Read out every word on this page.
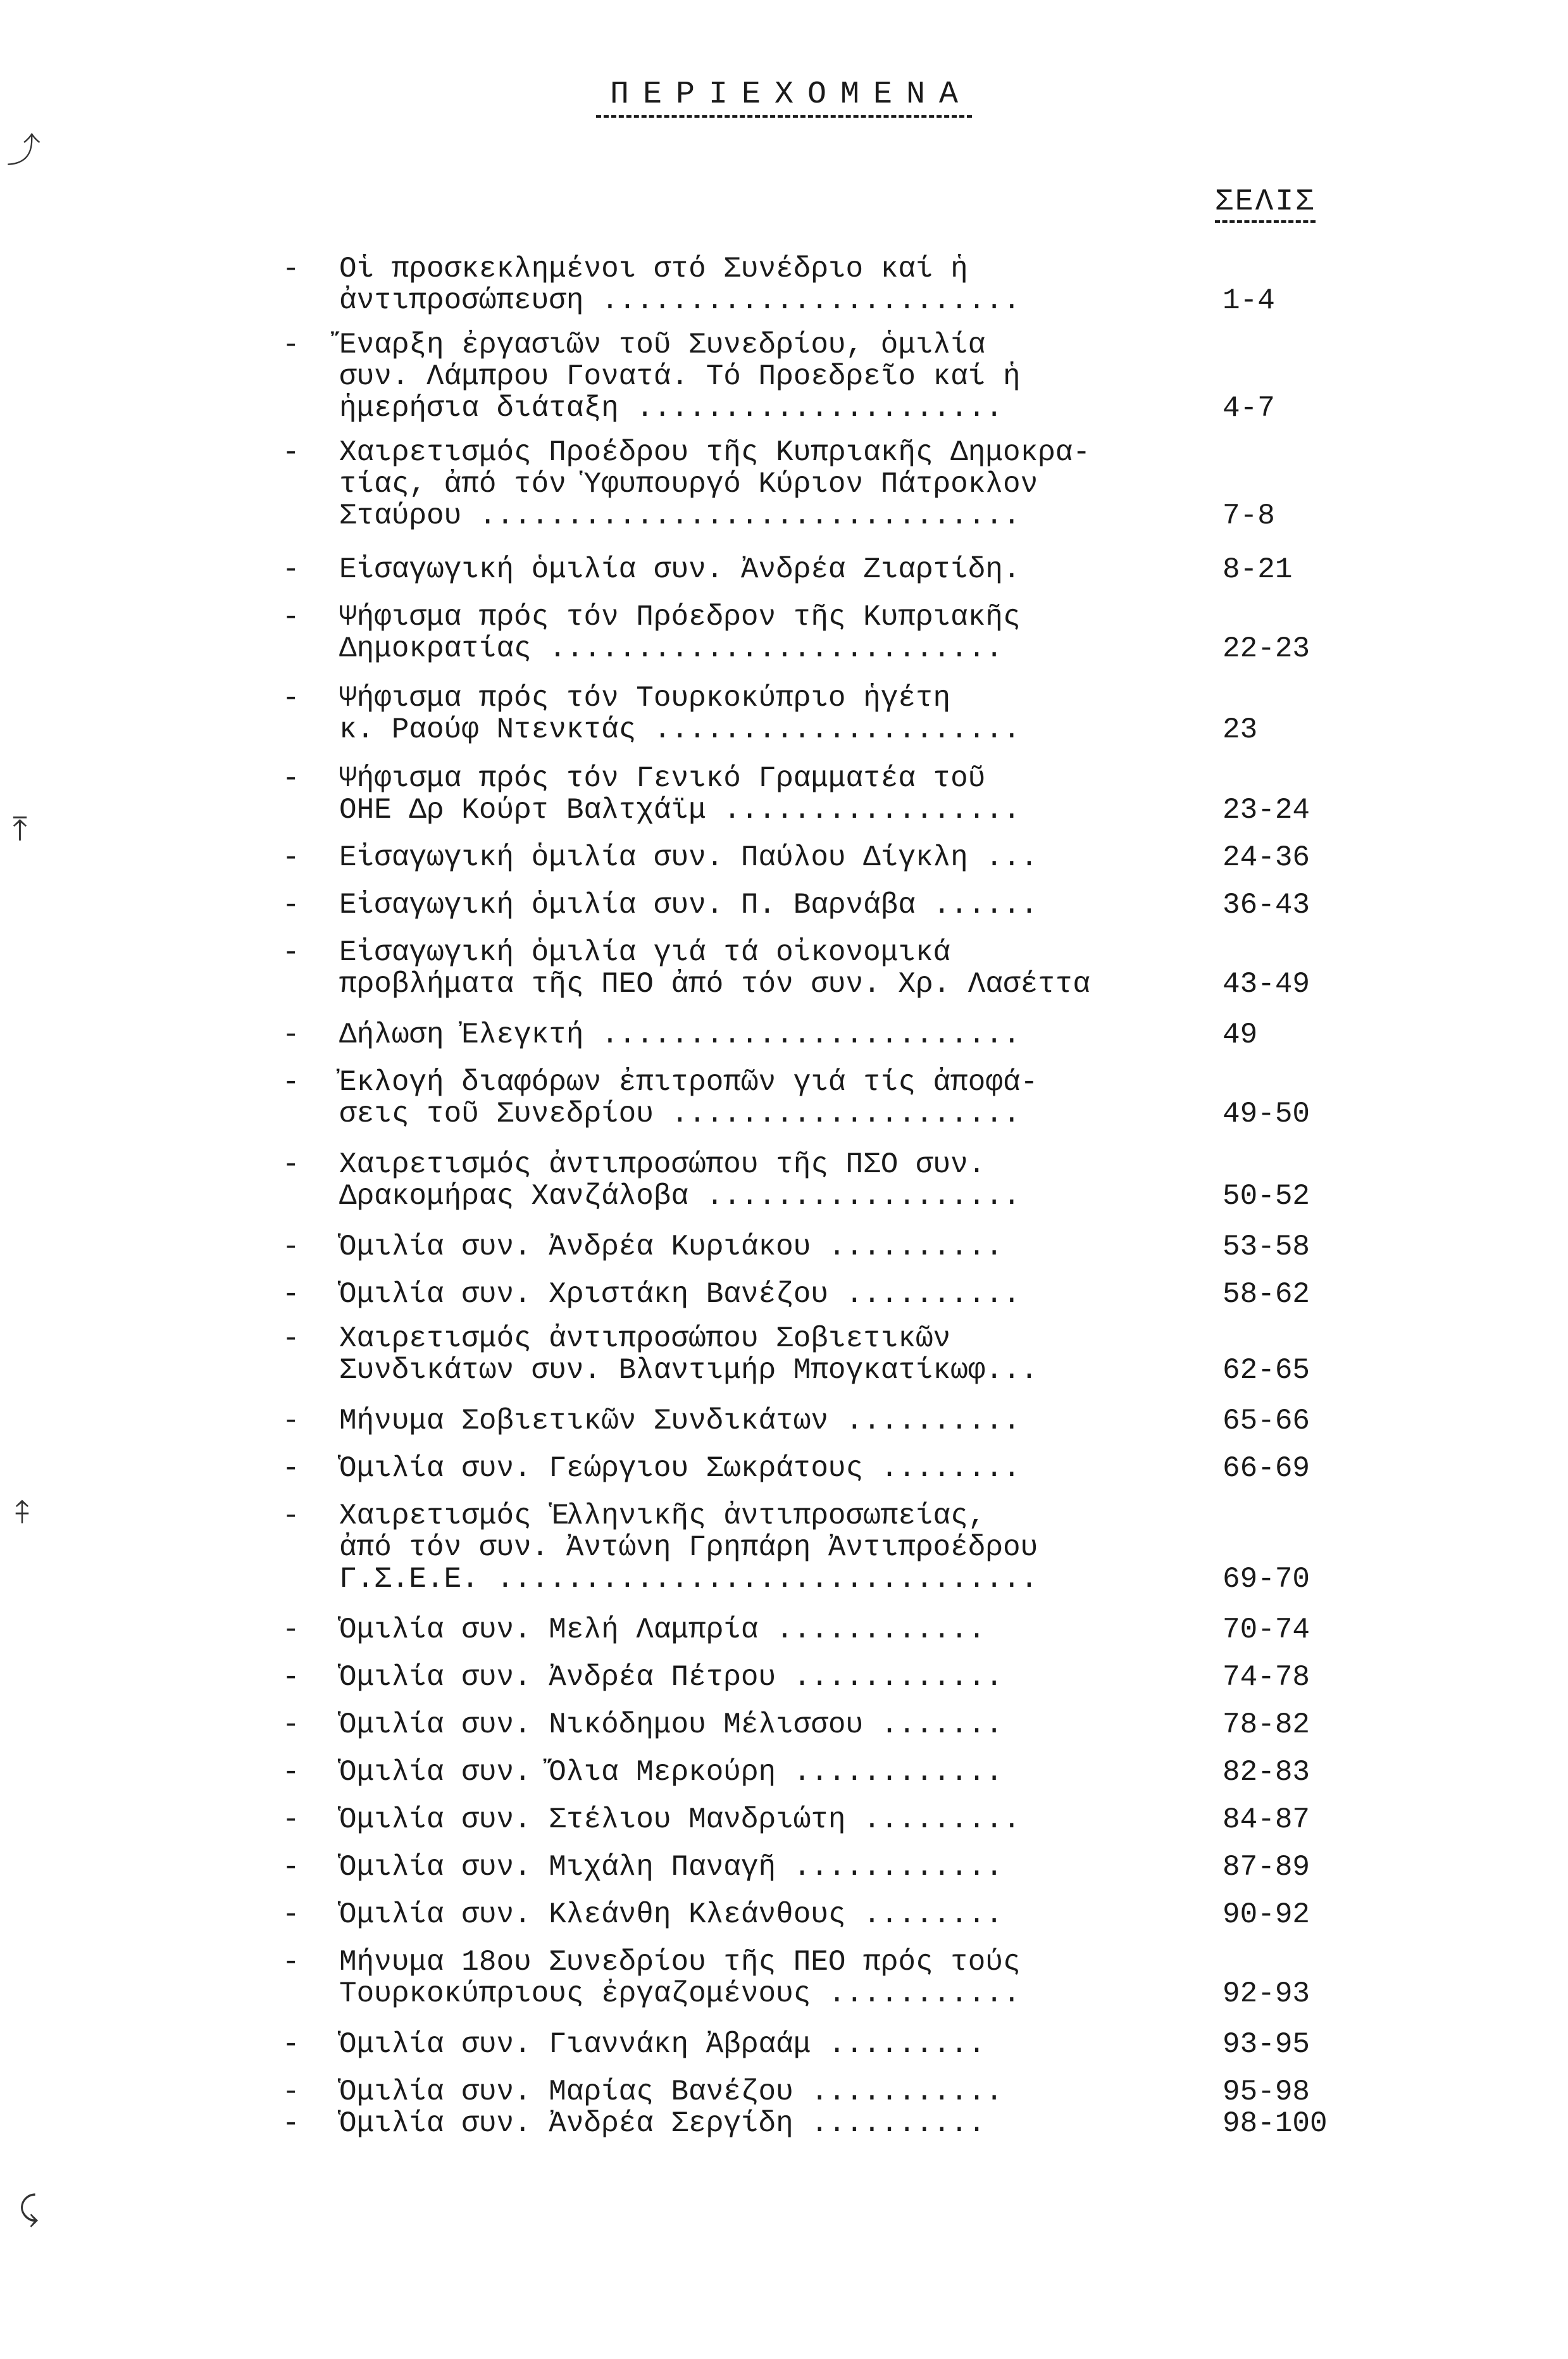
ΠΕΡΙΕΧΟΜΕΝΑ
ΣΕΛΙΣ
- Οἱ προσκεκλημένοι στό Συνέδριο καί ἡ
ἀντιπροσώπευση ........................	1-4
- Ἔναρξη ἐργασιῶν τοῦ Συνεδρίου, ὁμιλία
συν. Λάμπρου Γονατά. Τό Προεδρεῖο καί ἡ
ἡμερήσια διάταξη .....................	4-7
- Χαιρετισμός Προέδρου τῆς Κυπριακῆς Δημοκρα-
τίας, ἀπό τόν Ὑφυπουργό Κύριον Πάτροκλον
Σταύρου ...............................	7-8
- Εἰσαγωγική ὁμιλία συν. Ἀνδρέα Ζιαρτίδη.	8-21
- Ψήφισμα πρός τόν Πρόεδρον τῆς Κυπριακῆς
Δημοκρατίας ..........................	22-23
- Ψήφισμα πρός τόν Τουρκοκύπριο ἡγέτη
κ. Ραούφ Ντενκτάς .....................	23
- Ψήφισμα πρός τόν Γενικό Γραμματέα τοῦ
ΟΗΕ Δρ Κούρτ Βαλτχάϊμ .................	23-24
- Εἰσαγωγική ὁμιλία συν. Παύλου Δίγκλη ...	24-36
- Εἰσαγωγική ὁμιλία συν. Π. Βαρνάβα ......	36-43
- Εἰσαγωγική ὁμιλία γιά τά οἰκονομικά
προβλήματα τῆς ΠΕΟ ἀπό τόν συν. Χρ. Λασέττα	43-49
- Δήλωση Ἐλεγκτή ........................	49
- Ἐκλογή διαφόρων ἐπιτροπῶν γιά τίς ἀποφά-
σεις τοῦ Συνεδρίου ....................	49-50
- Χαιρετισμός ἀντιπροσώπου τῆς ΠΣΟ συν.
Δρακομήρας Χανζάλοβα ..................	50-52
- Ὁμιλία συν. Ἀνδρέα Κυριάκου ..........	53-58
- Ὁμιλία συν. Χριστάκη Βανέζου ..........	58-62
- Χαιρετισμός ἀντιπροσώπου Σοβιετικῶν
Συνδικάτων συν. Βλαντιμήρ Μπογκατίκωφ...	62-65
- Μήνυμα Σοβιετικῶν Συνδικάτων ..........	65-66
- Ὁμιλία συν. Γεώργιου Σωκράτους ........	66-69
- Χαιρετισμός Ἑλληνικῆς ἀντιπροσωπείας,
ἀπό τόν συν. Ἀντώνη Γρηπάρη Ἀντιπροέδρου
Γ.Σ.Ε.Ε. ...............................	69-70
- Ὁμιλία συν. Μελή Λαμπρία ............	70-74
- Ὁμιλία συν. Ἀνδρέα Πέτρου ............	74-78
- Ὁμιλία συν. Νικόδημου Μέλισσου .......	78-82
- Ὁμιλία συν. Ὄλια Μερκούρη ............	82-83
- Ὁμιλία συν. Στέλιου Μανδριώτη .........	84-87
- Ὁμιλία συν. Μιχάλη Παναγῆ ............	87-89
- Ὁμιλία συν. Κλεάνθη Κλεάνθους ........	90-92
- Μήνυμα 18ου Συνεδρίου τῆς ΠΕΟ πρός τούς
Τουρκοκύπριους ἐργαζομένους ...........	92-93
- Ὁμιλία συν. Γιαννάκη Ἀβραάμ .........	93-95
- Ὁμιλία συν. Μαρίας Βανέζου ...........	95-98
- Ὁμιλία συν. Ἀνδρέα Σεργίδη ..........	98-100
⤴
⤒
⤉
⤹
